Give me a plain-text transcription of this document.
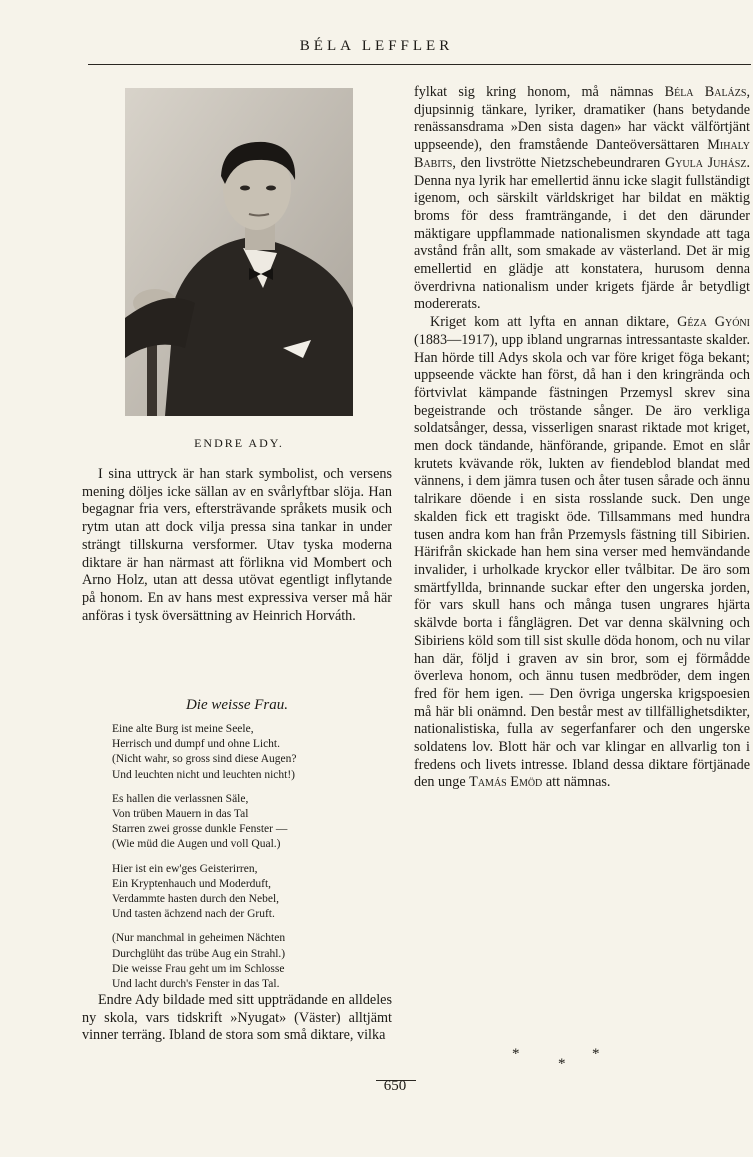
BÉLA LEFFLER
ENDRE ADY.

I sina uttryck är han stark symbolist, och versens mening döljes icke sällan av en svårlyftbar slöja. Han begagnar fria vers, eftersträvande språkets musik och rytm utan att dock vilja pressa sina tankar in under strängt tillskurna versformer. Utav tyska moderna diktare är han närmast att förlikna vid Mombert och Arno Holz, utan att dessa utövat egentligt inflytande på honom. En av hans mest expressiva verser må här anföras i tysk översättning av Heinrich Horváth.

Die weisse Frau.
Eine alte Burg ist meine Seele,
Herrisch und dumpf und ohne Licht.
(Nicht wahr, so gross sind diese Augen?
Und leuchten nicht und leuchten nicht!)
Es hallen die verlassnen Säle,
Von trüben Mauern in das Tal
Starren zwei grosse dunkle Fenster —
(Wie müd die Augen und voll Qual.)
Hier ist ein ew'ges Geisterirren,
Ein Kryptenhauch und Moderduft,
Verdammte hasten durch den Nebel,
Und tasten ächzend nach der Gruft.
(Nur manchmal in geheimen Nächten
Durchglüht das trübe Aug ein Strahl.)
Die weisse Frau geht um im Schlosse
Und lacht durch's Fenster in das Tal.

Endre Ady bildade med sitt uppträdande en alldeles ny skola, vars tidskrift »Nyugat» (Väster) alltjämt vinner terräng. Ibland de stora som små diktare, vilka

fylkat sig kring honom, må nämnas Béla Balázs, djupsinnig tänkare, lyriker, dramatiker (hans betydande renässansdrama »Den sista dagen» har väckt välförtjänt uppseende), den framstående Danteöversättaren Mihaly Babits, den livströtte Nietzschebeundraren Gyula Juhász. Denna nya lyrik har emellertid ännu icke slagit fullständigt igenom, och särskilt världskriget har bildat en mäktig broms för dess framträngande, i det den därunder mäktigare uppflammade nationalismen skyndade att taga avstånd från allt, som smakade av västerland. Det är mig emellertid en glädje att konstatera, hurusom denna överdrivna nationalism under krigets fjärde år betydligt modererats.

Kriget kom att lyfta en annan diktare, Géza Gyóni (1883—1917), upp ibland ungrarnas intressantaste skalder. Han hörde till Adys skola och var före kriget föga bekant; uppseende väckte han först, då han i den kringrända och förtvivlat kämpande fästningen Przemysl skrev sina begeistrande och tröstande sånger. De äro verkliga soldatsånger, dessa, visserligen snarast riktade mot kriget, men dock tändande, hänförande, gripande. Emot en slår krutets kvävande rök, lukten av fiendeblod blandat med vännens, i dem jämra tusen och åter tusen sårade och ännu talrikare döende i en sista rosslande suck. Den unge skalden fick ett tragiskt öde. Tillsammans med hundra tusen andra kom han från Przemysls fästning till Sibirien. Härifrån skickade han hem sina verser med hemvändande invalider, i urholkade kryckor eller tvålbitar. De äro som smärtfyllda, brinnande suckar efter den ungerska jorden, för vars skull hans och många tusen ungrares hjärta skälvde borta i fånglägren. Det var denna skälvning och Sibiriens köld som till sist skulle döda honom, och nu vilar han där, följd i graven av sin bror, som ej förmådde överleva honom, och ännu tusen medbröder, dem ingen fred för hem igen. — Den övriga ungerska krigspoesien må här bli onämnd. Den består mest av tillfällighetsdikter, nationalistiska, fulla av segerfanfarer och den ungerske soldatens lov. Blott här och var klingar en allvarlig ton i fredens och livets intresse. Ibland dessa diktare förtjänade den unge Tamás Emöd att nämnas.

*
*
*
650
